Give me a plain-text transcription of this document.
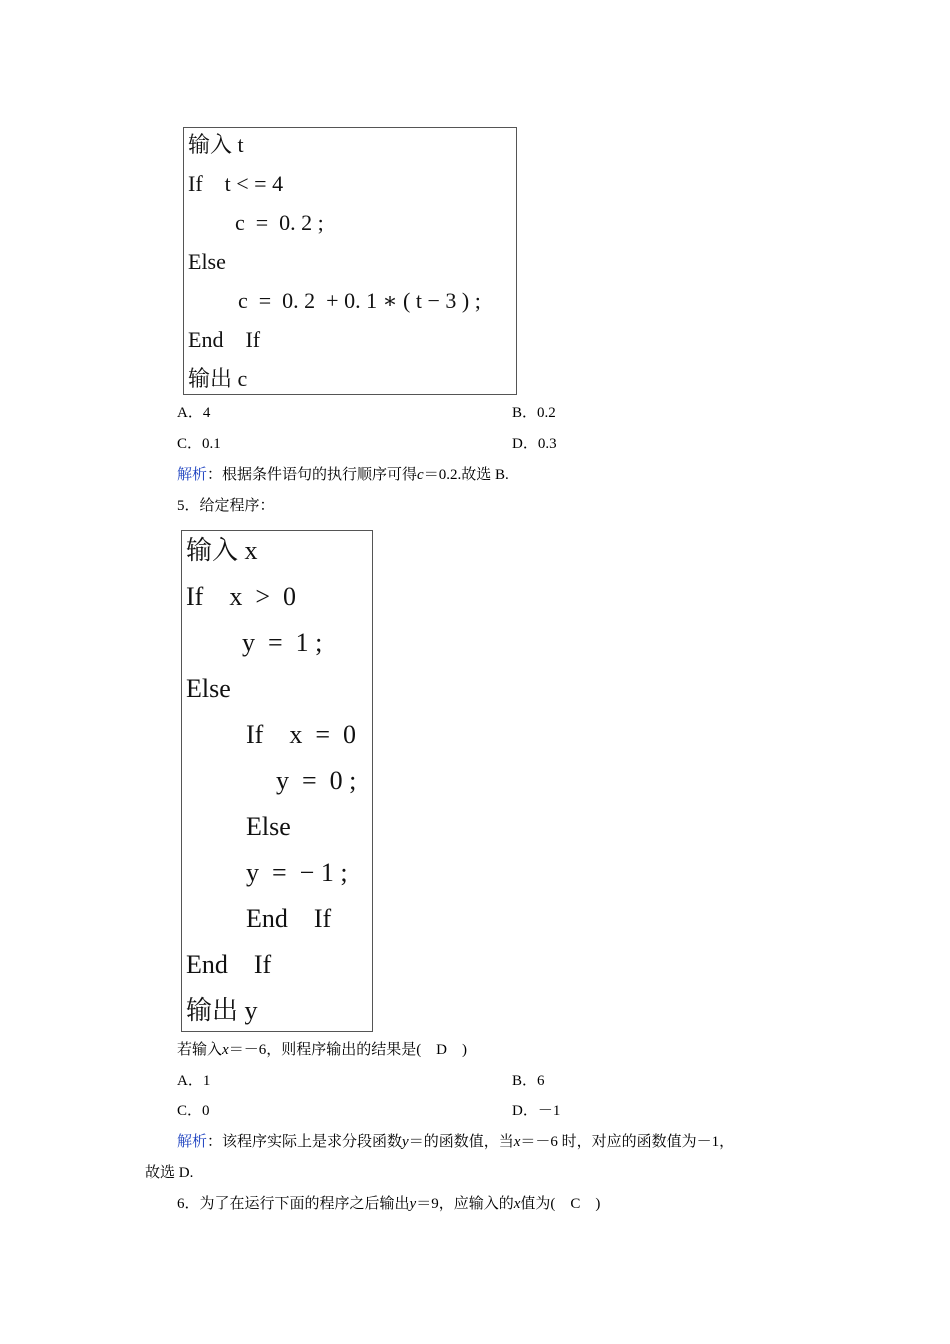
输入 t
If    t < = 4
c  =  0. 2 ;
Else
c  =  0. 2  + 0. 1 ∗ ( t − 3 ) ;
End    If
输出 c
A．4	B．0.2
C．0.1	D．0.3
解析：根据条件语句的执行顺序可得c＝0.2.故选 B.
5．给定程序：
输入 x
If    x  >  0
y  =  1 ;
Else
If    x  =  0
y  =  0 ;
Else
y  =  − 1 ;
End    If
End    If
输出 y
若输入x＝－6，则程序输出的结果是(　D　)
A．1	B．6
C．0	D．－1
解析：该程序实际上是求分段函数y＝的函数值，当x＝－6 时，对应的函数值为－1，
故选 D.
6．为了在运行下面的程序之后输出y＝9，应输入的x值为(　C　)
